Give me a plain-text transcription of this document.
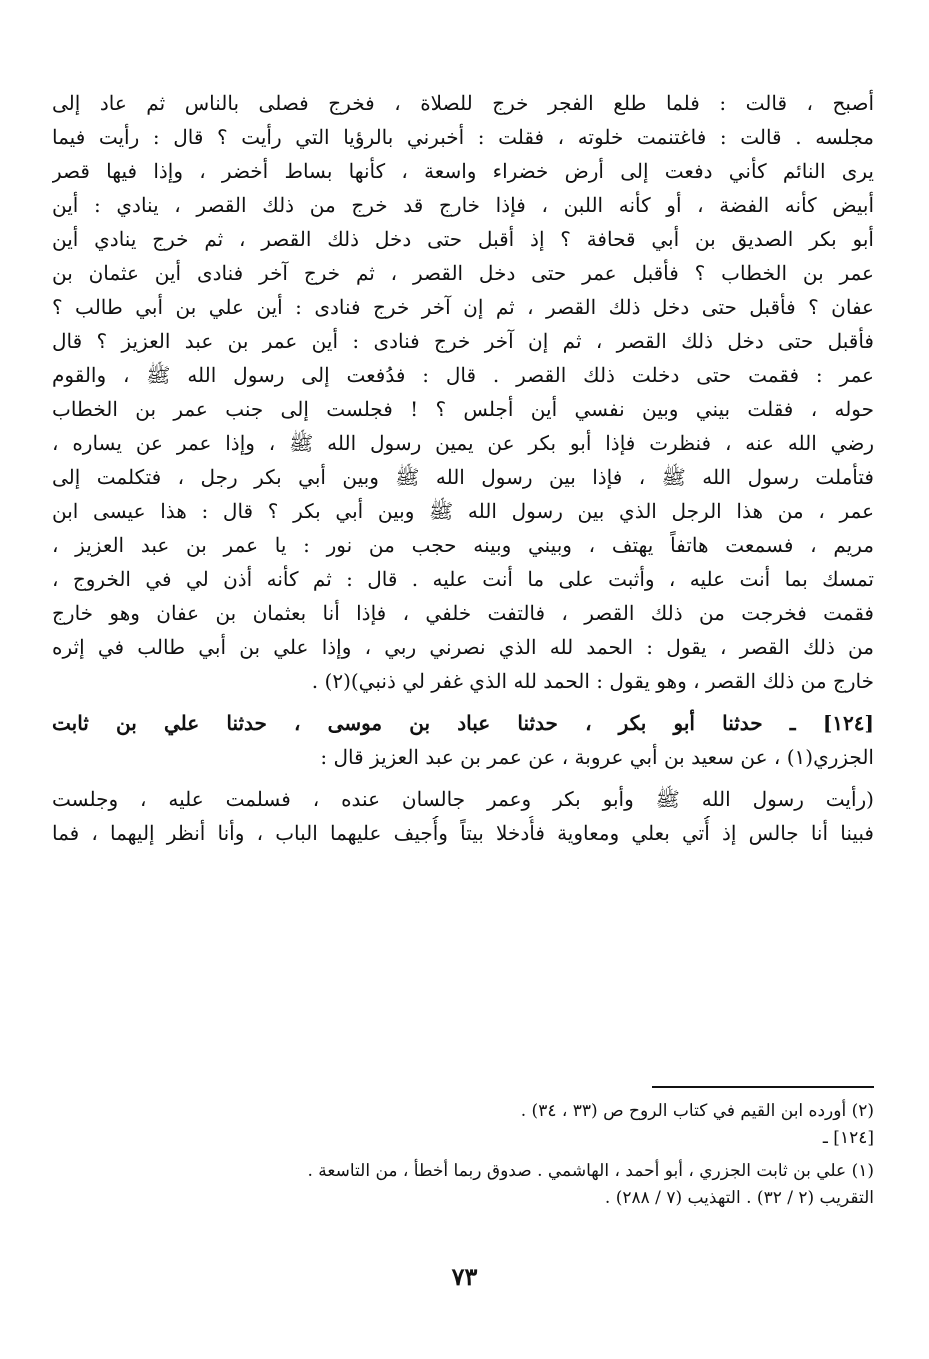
أصبح ، قالت : فلما طلع الفجر خرج للصلاة ، فخرج فصلى بالناس ثم عاد إلى
مجلسه . قالت : فاغتنمت خلوته ، فقلت : أخبرني بالرؤيا التي رأيت ؟ قال : رأيت فيما
يرى النائم كأني دفعت إلى أرض خضراء واسعة ، كأنها بساط أخضر ، وإذا فيها قصر
أبيض كأنه الفضة ، أو كأنه اللبن ، فإذا خارج قد خرج من ذلك القصر ، ينادي : أين
أبو بكر الصديق بن أبي قحافة ؟ إذ أقبل حتى دخل ذلك القصر ، ثم خرج ينادي أين
عمر بن الخطاب ؟ فأقبل عمر حتى دخل القصر ، ثم خرج آخر فنادى أين عثمان بن
عفان ؟ فأقبل حتى دخل ذلك القصر ، ثم إن آخر خرج فنادى : أين علي بن أبي طالب ؟
فأقبل حتى دخل ذلك القصر ، ثم إن آخر خرج فنادى : أين عمر بن عبد العزيز ؟ قال
عمر : فقمت حتى دخلت ذلك القصر . قال : فدُفعت إلى رسول الله ﷺ ، والقوم
حوله ، فقلت بيني وبين نفسي أين أجلس ؟ ! فجلست إلى جنب عمر بن الخطاب
رضي الله عنه ، فنظرت فإذا أبو بكر عن يمين رسول الله ﷺ ، وإذا عمر عن يساره ،
فتأملت رسول الله ﷺ ، فإذا بين رسول الله ﷺ وبين أبي بكر رجل ، فتكلمت إلى
عمر ، من هذا الرجل الذي بين رسول الله ﷺ وبين أبي بكر ؟ قال : هذا عيسى ابن
مريم ، فسمعت هاتفاً يهتف ، وبيني وبينه حجب من نور : يا عمر بن عبد العزيز ،
تمسك بما أنت عليه ، وأثبت على ما أنت عليه . قال : ثم كأنه أذن لي في الخروج ،
فقمت فخرجت من ذلك القصر ، فالتفت خلفي ، فإذا أنا بعثمان بن عفان وهو خارج
من ذلك القصر ، يقول : الحمد لله الذي نصرني ربي ، وإذا علي بن أبي طالب في إثره
خارج من ذلك القصر ، وهو يقول : الحمد لله الذي غفر لي ذنبي)(٢) .
[١٢٤] ـ حدثنا أبو بكر ، حدثنا عباد بن موسى ، حدثنا علي بن ثابت
الجزري(١) ، عن سعيد بن أبي عروبة ، عن عمر بن عبد العزيز قال :
(رأيت رسول الله ﷺ وأبو بكر وعمر جالسان عنده ، فسلمت عليه ، وجلست
فبينا أنا جالس إذ أُتي بعلي ومعاوية فأُدخلا بيتاً وأُجيف عليهما الباب ، وأنا أنظر إليهما ، فما
(٢) أورده ابن القيم في كتاب الروح ص (٣٣ ، ٣٤) .
[١٢٤] ـ
(١) علي بن ثابت الجزري ، أبو أحمد ، الهاشمي . صدوق ربما أخطأ ، من التاسعة .
التقريب (٢ / ٣٢) . التهذيب (٧ / ٢٨٨) .
٧٣
